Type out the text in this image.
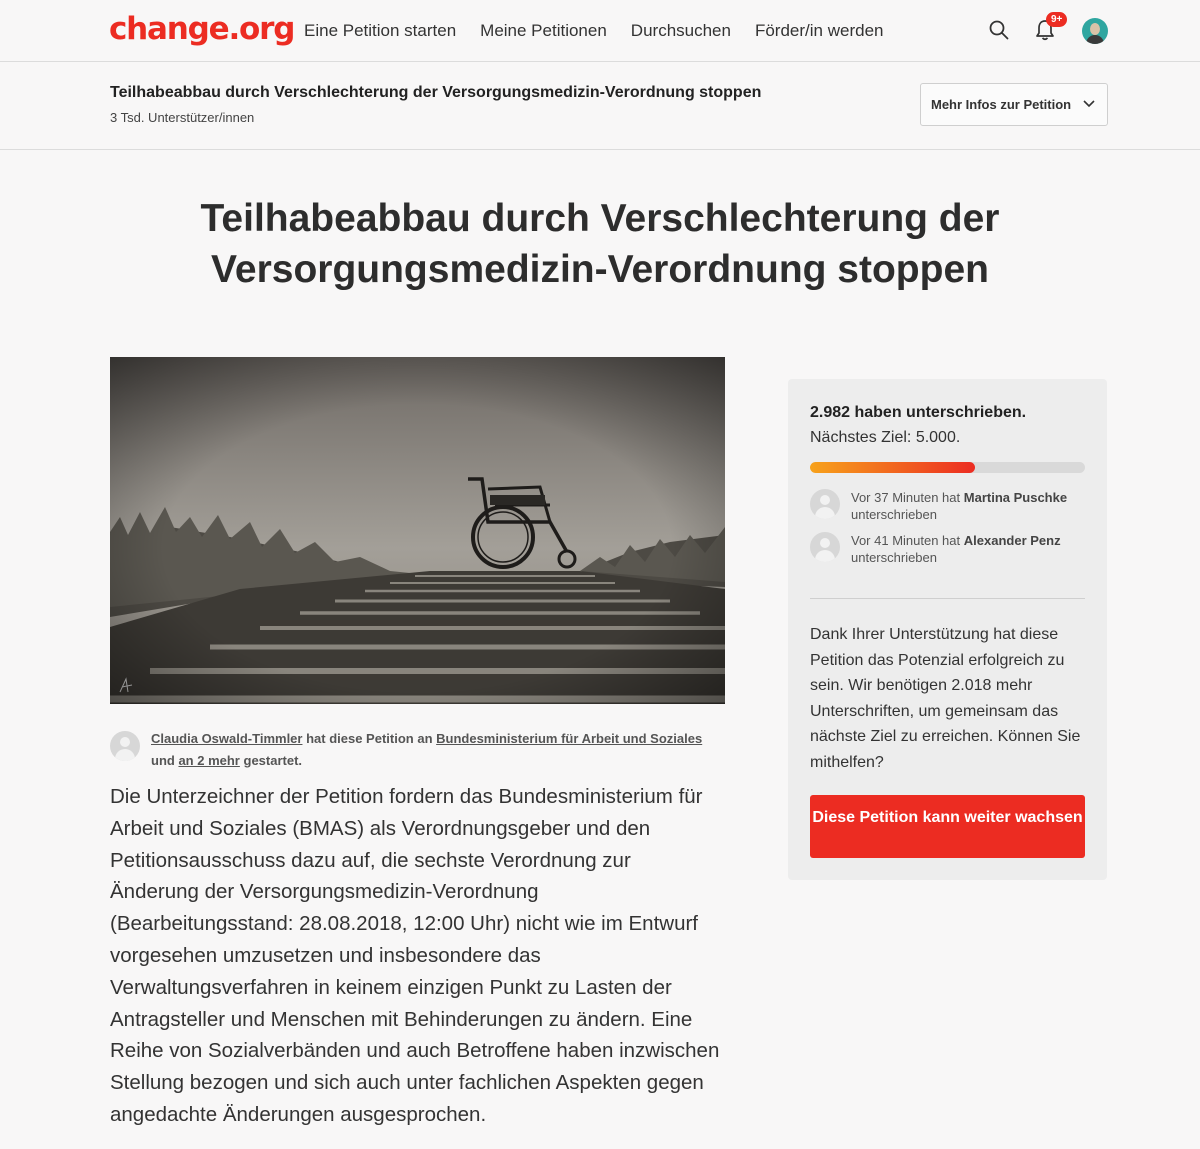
change.org Eine Petition starten Meine Petitionen Durchsuchen Förder/in werden
9+
Teilhabeabbau durch Verschlechterung der Versorgungsmedizin-Verordnung stoppen
3 Tsd. Unterstützer/innen
Mehr Infos zur Petition
Teilhabeabbau durch Verschlechterung der
Versorgungsmedizin-Verordnung stoppen

Claudia Oswald-Timmler hat diese Petition an Bundesministerium für Arbeit und Soziales
und an 2 mehr gestartet.

Die Unterzeichner der Petition fordern das Bundesministerium für Arbeit und Soziales (BMAS) als Verordnungsgeber und den Petitionsausschuss dazu auf, die sechste Verordnung zur Änderung der Versorgungsmedizin-Verordnung (Bearbeitungsstand: 28.08.2018, 12:00 Uhr) nicht wie im Entwurf vorgesehen umzusetzen und insbesondere das Verwaltungsverfahren in keinem einzigen Punkt zu Lasten der Antragsteller und Menschen mit Behinderungen zu ändern. Eine Reihe von Sozialverbänden und auch Betroffene haben inzwischen Stellung bezogen und sich auch unter fachlichen Aspekten gegen angedachte Änderungen ausgesprochen.

2.982 haben unterschrieben.
Nächstes Ziel: 5.000.
Vor 37 Minuten hat Martina Puschke
unterschrieben
Vor 41 Minuten hat Alexander Penz
unterschrieben

Dank Ihrer Unterstützung hat diese Petition das Potenzial erfolgreich zu sein. Wir benötigen 2.018 mehr Unterschriften, um gemeinsam das nächste Ziel zu erreichen. Können Sie mithelfen?

Diese Petition kann weiter wachsen
